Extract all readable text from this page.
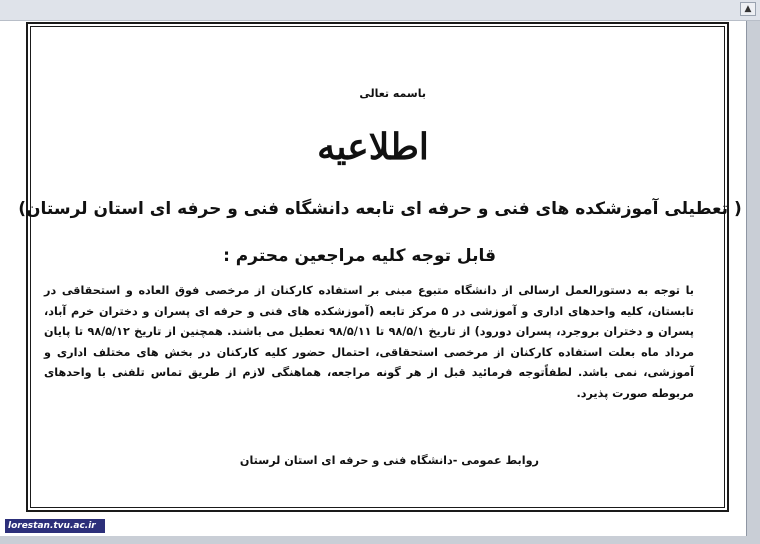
▲
باسمه تعالی
اطلاعیه
( تعطیلی آموزشکده های فنی و حرفه ای تابعه دانشگاه فنی و حرفه ای استان لرستان)
قابل توجه کلیه مراجعین محترم :
با توجه به دستورالعمل ارسالی از دانشگاه متبوع مبنی بر استفاده کارکنان از مرخصی فوق العاده و استحقاقی در تابستان، کلیه واحدهای اداری و آموزشی در ۵ مرکز تابعه (آموزشکده های فنی و حرفه ای پسران و دختران خرم آباد، پسران و دختران بروجرد، پسران دورود) از تاریخ ۹۸/۵/۱ تا ۹۸/۵/۱۱ تعطیل می باشند. همچنین از تاریخ ۹۸/۵/۱۲ تا پایان مرداد ماه بعلت استفاده کارکنان از مرخصی استحقاقی، احتمال حضور کلیه کارکنان در بخش های مختلف اداری و آموزشی، نمی باشد. لطفاًتوجه فرمائید قبل از هر گونه مراجعه، هماهنگی لازم از طریق تماس تلفنی با واحدهای مربوطه صورت پذیرد.
روابط عمومی -دانشگاه فنی و حرفه ای استان لرستان
lorestan.tvu.ac.ir
